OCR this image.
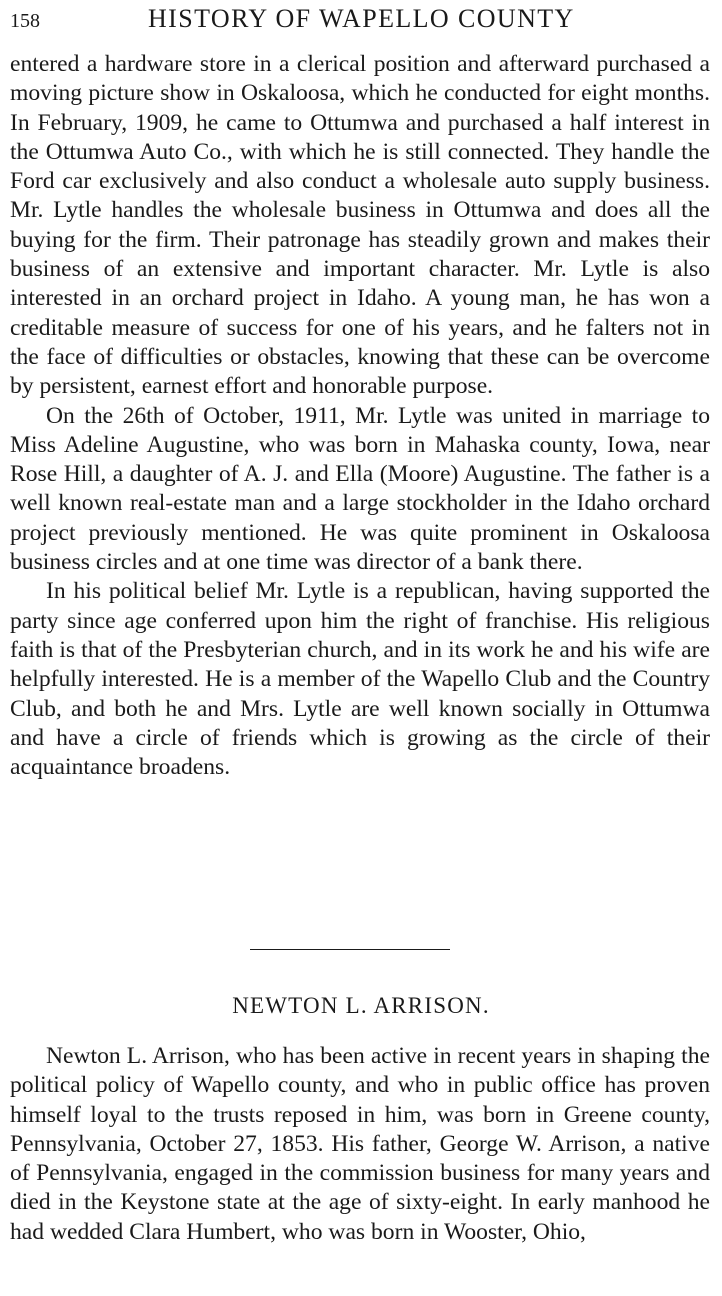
158	HISTORY OF WAPELLO COUNTY

entered a hardware store in a clerical position and afterward purchased a moving picture show in Oskaloosa, which he conducted for eight months. In February, 1909, he came to Ottumwa and purchased a half interest in the Ottumwa Auto Co., with which he is still connected. They handle the Ford car exclusively and also conduct a wholesale auto supply business. Mr. Lytle handles the wholesale business in Ottumwa and does all the buying for the firm. Their patronage has steadily grown and makes their business of an extensive and important character. Mr. Lytle is also interested in an orchard project in Idaho. A young man, he has won a creditable measure of success for one of his years, and he falters not in the face of difficulties or obstacles, knowing that these can be overcome by persistent, earnest effort and honorable purpose.

On the 26th of October, 1911, Mr. Lytle was united in marriage to Miss Adeline Augustine, who was born in Mahaska county, Iowa, near Rose Hill, a daughter of A. J. and Ella (Moore) Augustine. The father is a well known real-estate man and a large stockholder in the Idaho orchard project previously mentioned. He was quite prominent in Oskaloosa business circles and at one time was director of a bank there.

In his political belief Mr. Lytle is a republican, having supported the party since age conferred upon him the right of franchise. His religious faith is that of the Presbyterian church, and in its work he and his wife are helpfully interested. He is a member of the Wapello Club and the Country Club, and both he and Mrs. Lytle are well known socially in Ottumwa and have a circle of friends which is growing as the circle of their acquaintance broadens.

NEWTON L. ARRISON.

Newton L. Arrison, who has been active in recent years in shaping the political policy of Wapello county, and who in public office has proven himself loyal to the trusts reposed in him, was born in Greene county, Pennsylvania, October 27, 1853. His father, George W. Arrison, a native of Pennsylvania, engaged in the commission business for many years and died in the Keystone state at the age of sixty-eight. In early manhood he had wedded Clara Humbert, who was born in Wooster, Ohio,
